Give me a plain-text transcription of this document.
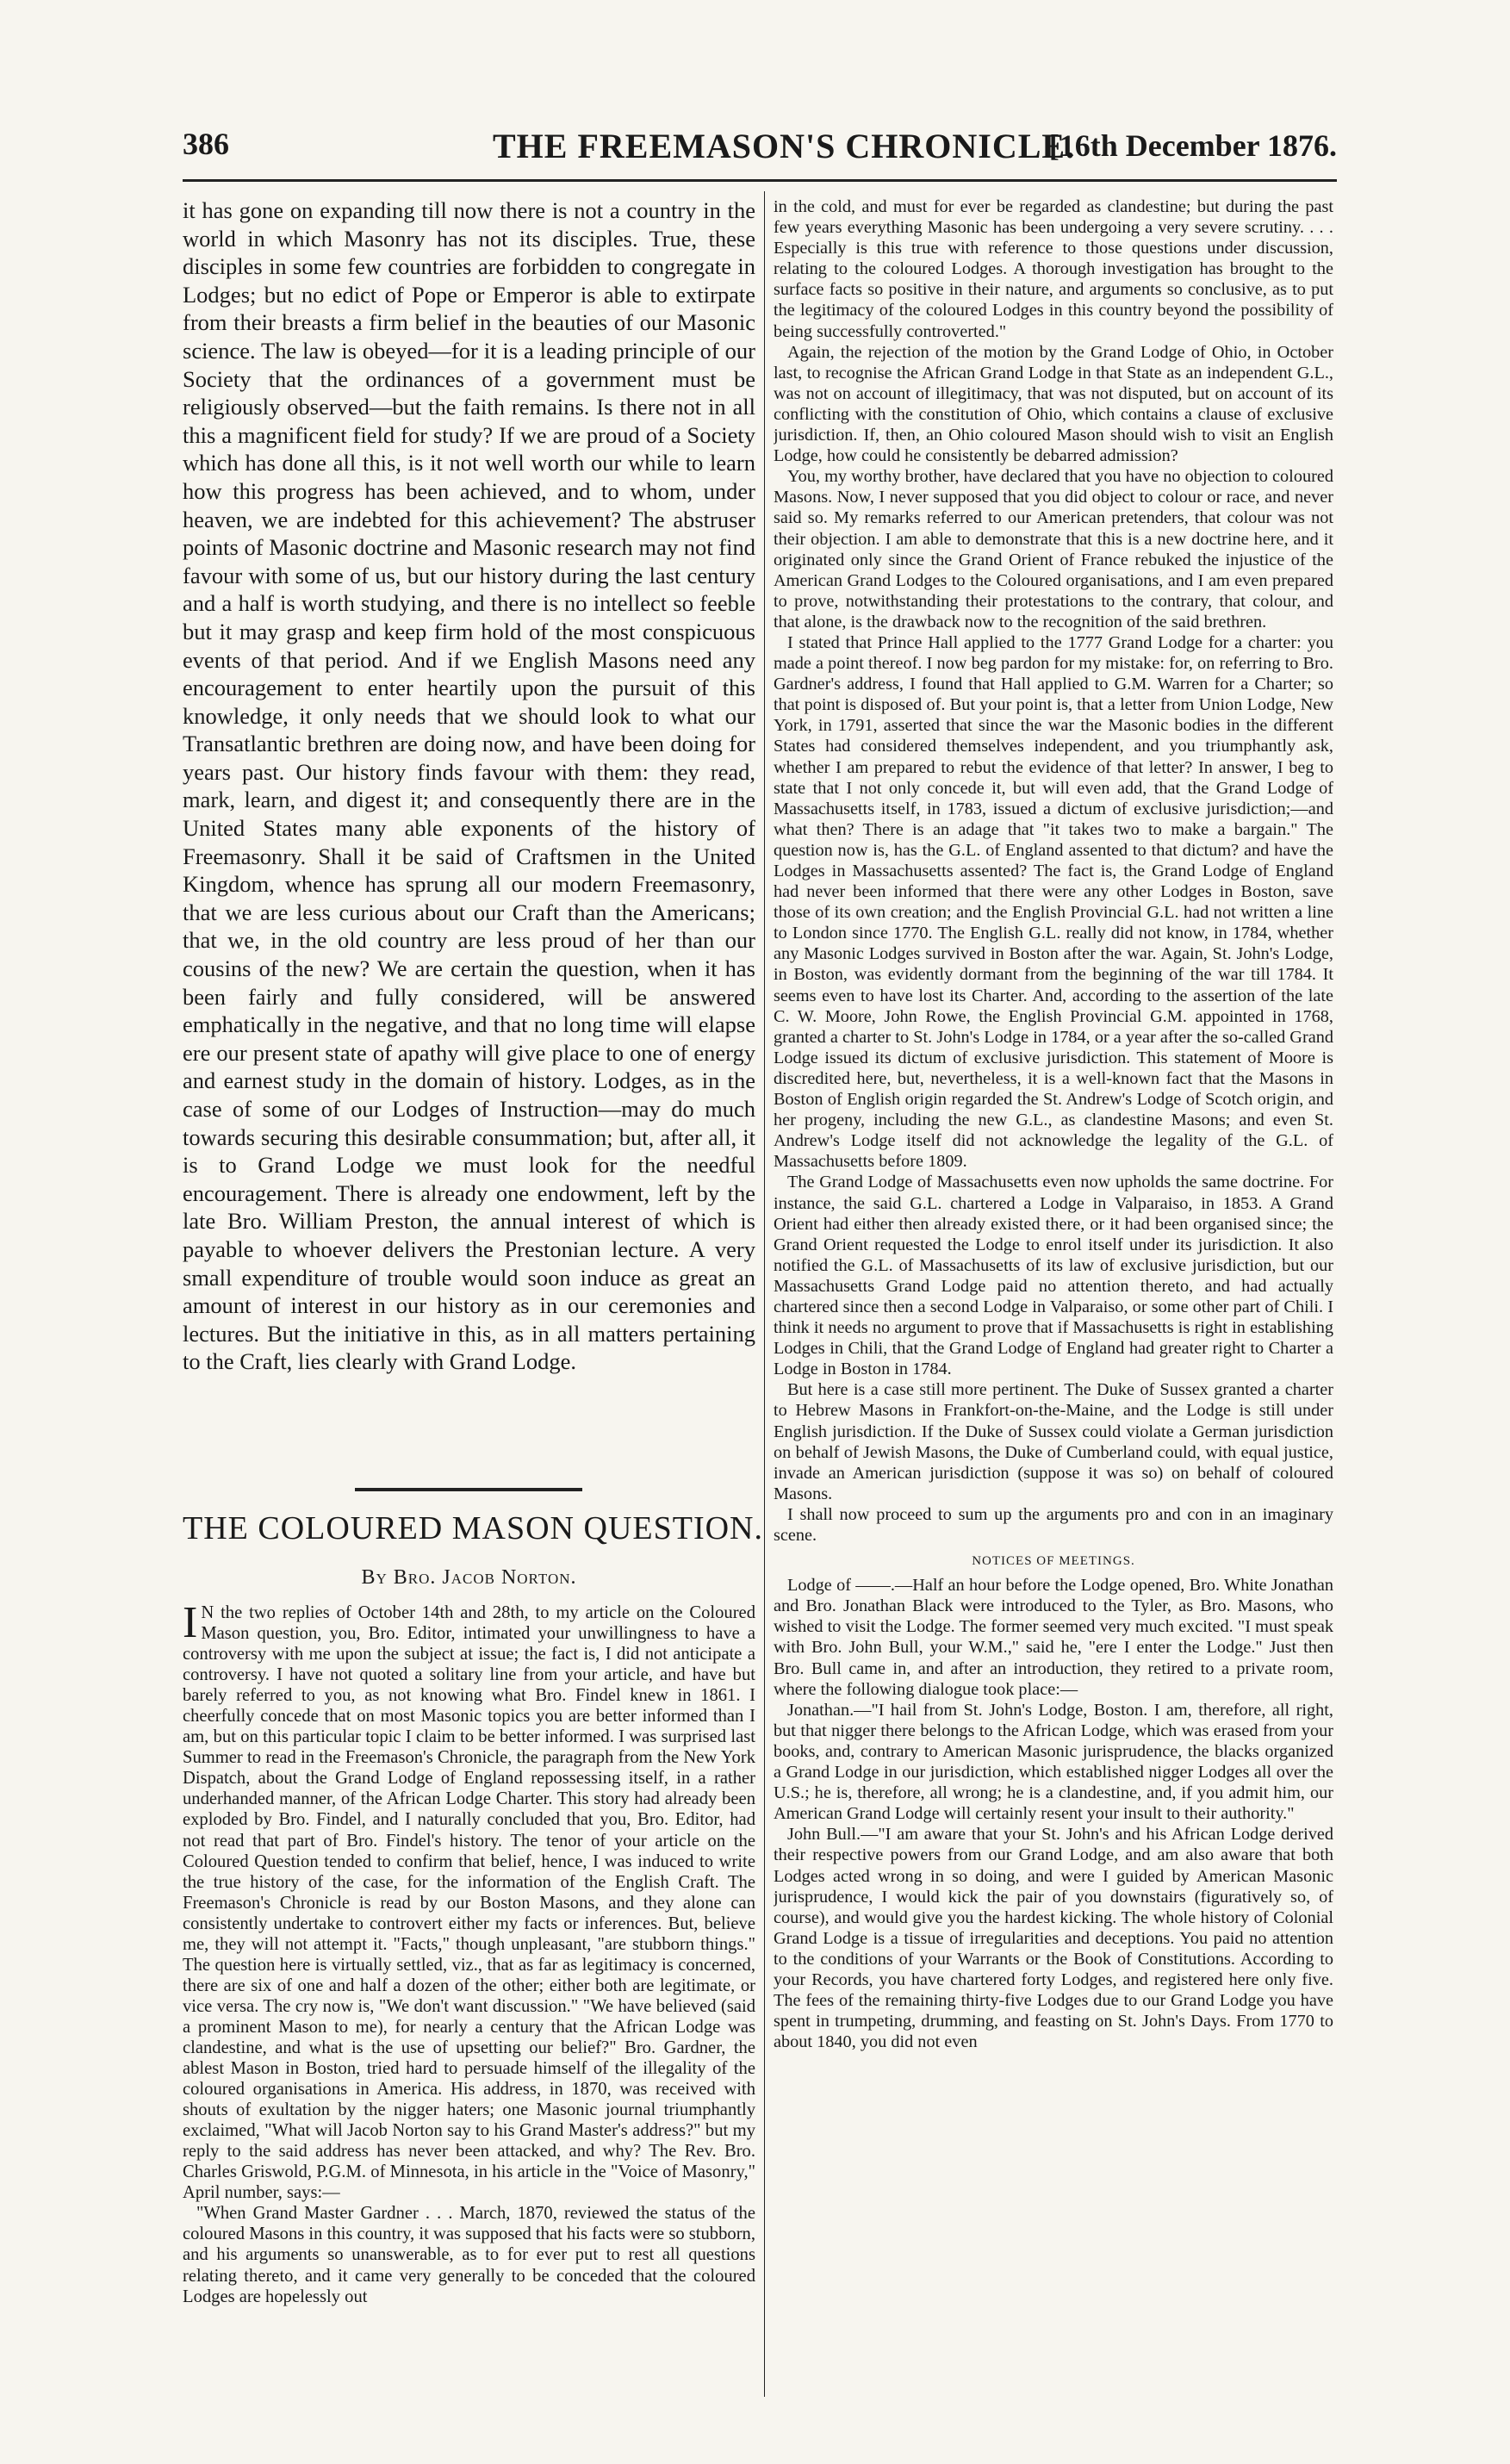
386	THE FREEMASON'S CHRONICLE.
[16th December 1876.

it has gone on expanding till now there is not a country in the world in which Masonry has not its disciples. True, these disciples in some few countries are forbidden to congregate in Lodges; but no edict of Pope or Emperor is able to extirpate from their breasts a firm belief in the beauties of our Masonic science. The law is obeyed—for it is a leading principle of our Society that the ordinances of a government must be religiously observed—but the faith remains. Is there not in all this a magnificent field for study? If we are proud of a Society which has done all this, is it not well worth our while to learn how this progress has been achieved, and to whom, under heaven, we are indebted for this achievement? The abstruser points of Masonic doctrine and Masonic research may not find favour with some of us, but our history during the last century and a half is worth studying, and there is no intellect so feeble but it may grasp and keep firm hold of the most conspicuous events of that period. And if we English Masons need any encouragement to enter heartily upon the pursuit of this knowledge, it only needs that we should look to what our Transatlantic brethren are doing now, and have been doing for years past. Our history finds favour with them: they read, mark, learn, and digest it; and consequently there are in the United States many able exponents of the history of Freemasonry. Shall it be said of Craftsmen in the United Kingdom, whence has sprung all our modern Freemasonry, that we are less curious about our Craft than the Americans; that we, in the old country are less proud of her than our cousins of the new? We are certain the question, when it has been fairly and fully considered, will be answered emphatically in the negative, and that no long time will elapse ere our present state of apathy will give place to one of energy and earnest study in the domain of history. Lodges, as in the case of some of our Lodges of Instruction—may do much towards securing this desirable consummation; but, after all, it is to Grand Lodge we must look for the needful encouragement. There is already one endowment, left by the late Bro. William Preston, the annual interest of which is payable to whoever delivers the Prestonian lecture. A very small expenditure of trouble would soon induce as great an amount of interest in our history as in our ceremonies and lectures. But the initiative in this, as in all matters pertaining to the Craft, lies clearly with Grand Lodge.

THE COLOURED MASON QUESTION.
By Bro. Jacob Norton.

I N the two replies of October 14th and 28th, to my article on the Coloured Mason question, you, Bro. Editor, intimated your unwillingness to have a controversy with me upon the subject at issue; the fact is, I did not anticipate a controversy. I have not quoted a solitary line from your article, and have but barely referred to you, as not knowing what Bro. Findel knew in 1861. I cheerfully concede that on most Masonic topics you are better informed than I am, but on this particular topic I claim to be better informed. I was surprised last Summer to read in the Freemason's Chronicle, the paragraph from the New York Dispatch, about the Grand Lodge of England repossessing itself, in a rather underhanded manner, of the African Lodge Charter. This story had already been exploded by Bro. Findel, and I naturally concluded that you, Bro. Editor, had not read that part of Bro. Findel's history. The tenor of your article on the Coloured Question tended to confirm that belief, hence, I was induced to write the true history of the case, for the information of the English Craft. The Freemason's Chronicle is read by our Boston Masons, and they alone can consistently undertake to controvert either my facts or inferences. But, believe me, they will not attempt it. "Facts," though unpleasant, "are stubborn things." The question here is virtually settled, viz., that as far as legitimacy is concerned, there are six of one and half a dozen of the other; either both are legitimate, or vice versa. The cry now is, "We don't want discussion." "We have believed (said a prominent Mason to me), for nearly a century that the African Lodge was clandestine, and what is the use of upsetting our belief?" Bro. Gardner, the ablest Mason in Boston, tried hard to persuade himself of the illegality of the coloured organisations in America. His address, in 1870, was received with shouts of exultation by the nigger haters; one Masonic journal triumphantly exclaimed, "What will Jacob Norton say to his Grand Master's address?" but my reply to the said address has never been attacked, and why? The Rev. Bro. Charles Griswold, P.G.M. of Minnesota, in his article in the "Voice of Masonry," April number, says:—

"When Grand Master Gardner . . . March, 1870, reviewed the status of the coloured Masons in this country, it was supposed that his facts were so stubborn, and his arguments so unanswerable, as to for ever put to rest all questions relating thereto, and it came very generally to be conceded that the coloured Lodges are hopelessly out

in the cold, and must for ever be regarded as clandestine; but during the past few years everything Masonic has been undergoing a very severe scrutiny. . . . Especially is this true with reference to those questions under discussion, relating to the coloured Lodges. A thorough investigation has brought to the surface facts so positive in their nature, and arguments so conclusive, as to put the legitimacy of the coloured Lodges in this country beyond the possibility of being successfully controverted."

Again, the rejection of the motion by the Grand Lodge of Ohio, in October last, to recognise the African Grand Lodge in that State as an independent G.L., was not on account of illegitimacy, that was not disputed, but on account of its conflicting with the constitution of Ohio, which contains a clause of exclusive jurisdiction. If, then, an Ohio coloured Mason should wish to visit an English Lodge, how could he consistently be debarred admission?

You, my worthy brother, have declared that you have no objection to coloured Masons. Now, I never supposed that you did object to colour or race, and never said so. My remarks referred to our American pretenders, that colour was not their objection. I am able to demonstrate that this is a new doctrine here, and it originated only since the Grand Orient of France rebuked the injustice of the American Grand Lodges to the Coloured organisations, and I am even prepared to prove, notwithstanding their protestations to the contrary, that colour, and that alone, is the drawback now to the recognition of the said brethren.

I stated that Prince Hall applied to the 1777 Grand Lodge for a charter: you made a point thereof. I now beg pardon for my mistake: for, on referring to Bro. Gardner's address, I found that Hall applied to G.M. Warren for a Charter; so that point is disposed of. But your point is, that a letter from Union Lodge, New York, in 1791, asserted that since the war the Masonic bodies in the different States had considered themselves independent, and you triumphantly ask, whether I am prepared to rebut the evidence of that letter? In answer, I beg to state that I not only concede it, but will even add, that the Grand Lodge of Massachusetts itself, in 1783, issued a dictum of exclusive jurisdiction;—and what then? There is an adage that "it takes two to make a bargain." The question now is, has the G.L. of England assented to that dictum? and have the Lodges in Massachusetts assented? The fact is, the Grand Lodge of England had never been informed that there were any other Lodges in Boston, save those of its own creation; and the English Provincial G.L. had not written a line to London since 1770. The English G.L. really did not know, in 1784, whether any Masonic Lodges survived in Boston after the war. Again, St. John's Lodge, in Boston, was evidently dormant from the beginning of the war till 1784. It seems even to have lost its Charter. And, according to the assertion of the late C. W. Moore, John Rowe, the English Provincial G.M. appointed in 1768, granted a charter to St. John's Lodge in 1784, or a year after the so-called Grand Lodge issued its dictum of exclusive jurisdiction. This statement of Moore is discredited here, but, nevertheless, it is a well-known fact that the Masons in Boston of English origin regarded the St. Andrew's Lodge of Scotch origin, and her progeny, including the new G.L., as clandestine Masons; and even St. Andrew's Lodge itself did not acknowledge the legality of the G.L. of Massachusetts before 1809.

The Grand Lodge of Massachusetts even now upholds the same doctrine. For instance, the said G.L. chartered a Lodge in Valparaiso, in 1853. A Grand Orient had either then already existed there, or it had been organised since; the Grand Orient requested the Lodge to enrol itself under its jurisdiction. It also notified the G.L. of Massachusetts of its law of exclusive jurisdiction, but our Massachusetts Grand Lodge paid no attention thereto, and had actually chartered since then a second Lodge in Valparaiso, or some other part of Chili. I think it needs no argument to prove that if Massachusetts is right in establishing Lodges in Chili, that the Grand Lodge of England had greater right to Charter a Lodge in Boston in 1784.

But here is a case still more pertinent. The Duke of Sussex granted a charter to Hebrew Masons in Frankfort-on-the-Maine, and the Lodge is still under English jurisdiction. If the Duke of Sussex could violate a German jurisdiction on behalf of Jewish Masons, the Duke of Cumberland could, with equal justice, invade an American jurisdiction (suppose it was so) on behalf of coloured Masons.

I shall now proceed to sum up the arguments pro and con in an imaginary scene.

NOTICES OF MEETINGS.

Lodge of ——.—Half an hour before the Lodge opened, Bro. White Jonathan and Bro. Jonathan Black were introduced to the Tyler, as Bro. Masons, who wished to visit the Lodge. The former seemed very much excited. "I must speak with Bro. John Bull, your W.M.," said he, "ere I enter the Lodge." Just then Bro. Bull came in, and after an introduction, they retired to a private room, where the following dialogue took place:—

Jonathan.—"I hail from St. John's Lodge, Boston. I am, therefore, all right, but that nigger there belongs to the African Lodge, which was erased from your books, and, contrary to American Masonic jurisprudence, the blacks organized a Grand Lodge in our jurisdiction, which established nigger Lodges all over the U.S.; he is, therefore, all wrong; he is a clandestine, and, if you admit him, our American Grand Lodge will certainly resent your insult to their authority."

John Bull.—"I am aware that your St. John's and his African Lodge derived their respective powers from our Grand Lodge, and am also aware that both Lodges acted wrong in so doing, and were I guided by American Masonic jurisprudence, I would kick the pair of you downstairs (figuratively so, of course), and would give you the hardest kicking. The whole history of Colonial Grand Lodge is a tissue of irregularities and deceptions. You paid no attention to the conditions of your Warrants or the Book of Constitutions. According to your Records, you have chartered forty Lodges, and registered here only five. The fees of the remaining thirty-five Lodges due to our Grand Lodge you have spent in trumpeting, drumming, and feasting on St. John's Days. From 1770 to about 1840, you did not even
